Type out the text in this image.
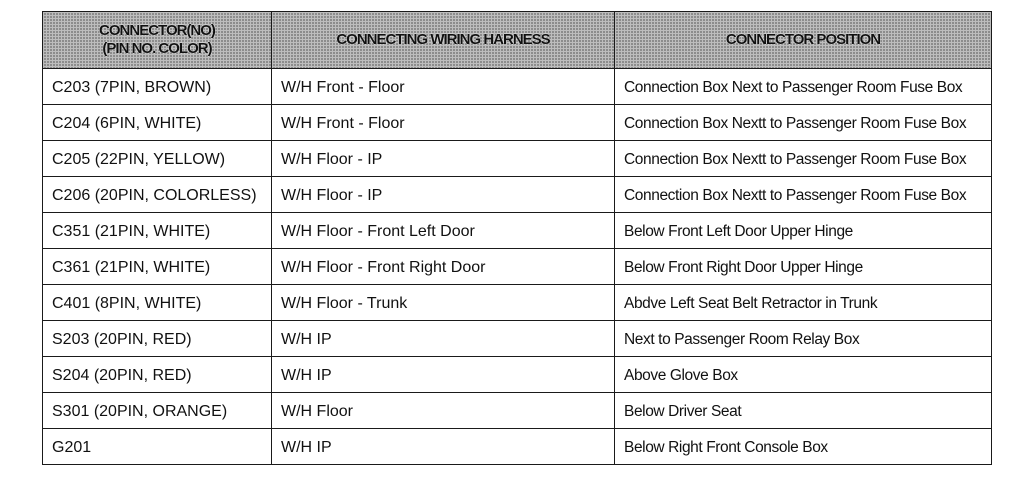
CONNECTOR(NO)
(PIN NO. COLOR)	CONNECTING WIRING HARNESS	CONNECTOR POSITION
C203 (7PIN, BROWN)	W/H Front - Floor	Connection Box Next to Passenger Room Fuse Box
C204 (6PIN, WHITE)	W/H Front - Floor	Connection Box Nextt to Passenger Room Fuse Box
C205 (22PIN, YELLOW)	W/H Floor - IP	Connection Box Nextt to Passenger Room Fuse Box
C206 (20PIN, COLORLESS)	W/H Floor - IP	Connection Box Nextt to Passenger Room Fuse Box
C351 (21PIN, WHITE)	W/H Floor - Front Left Door	Below Front Left Door Upper Hinge
C361 (21PIN, WHITE)	W/H Floor - Front Right Door	Below Front Right Door Upper Hinge
C401 (8PIN, WHITE)	W/H Floor - Trunk	Abdve Left Seat Belt Retractor in Trunk
S203 (20PIN, RED)	W/H IP	Next to Passenger Room Relay Box
S204 (20PIN, RED)	W/H IP	Above Glove Box
S301 (20PIN, ORANGE)	W/H Floor	Below Driver Seat
G201	W/H IP	Below Right Front Console Box
